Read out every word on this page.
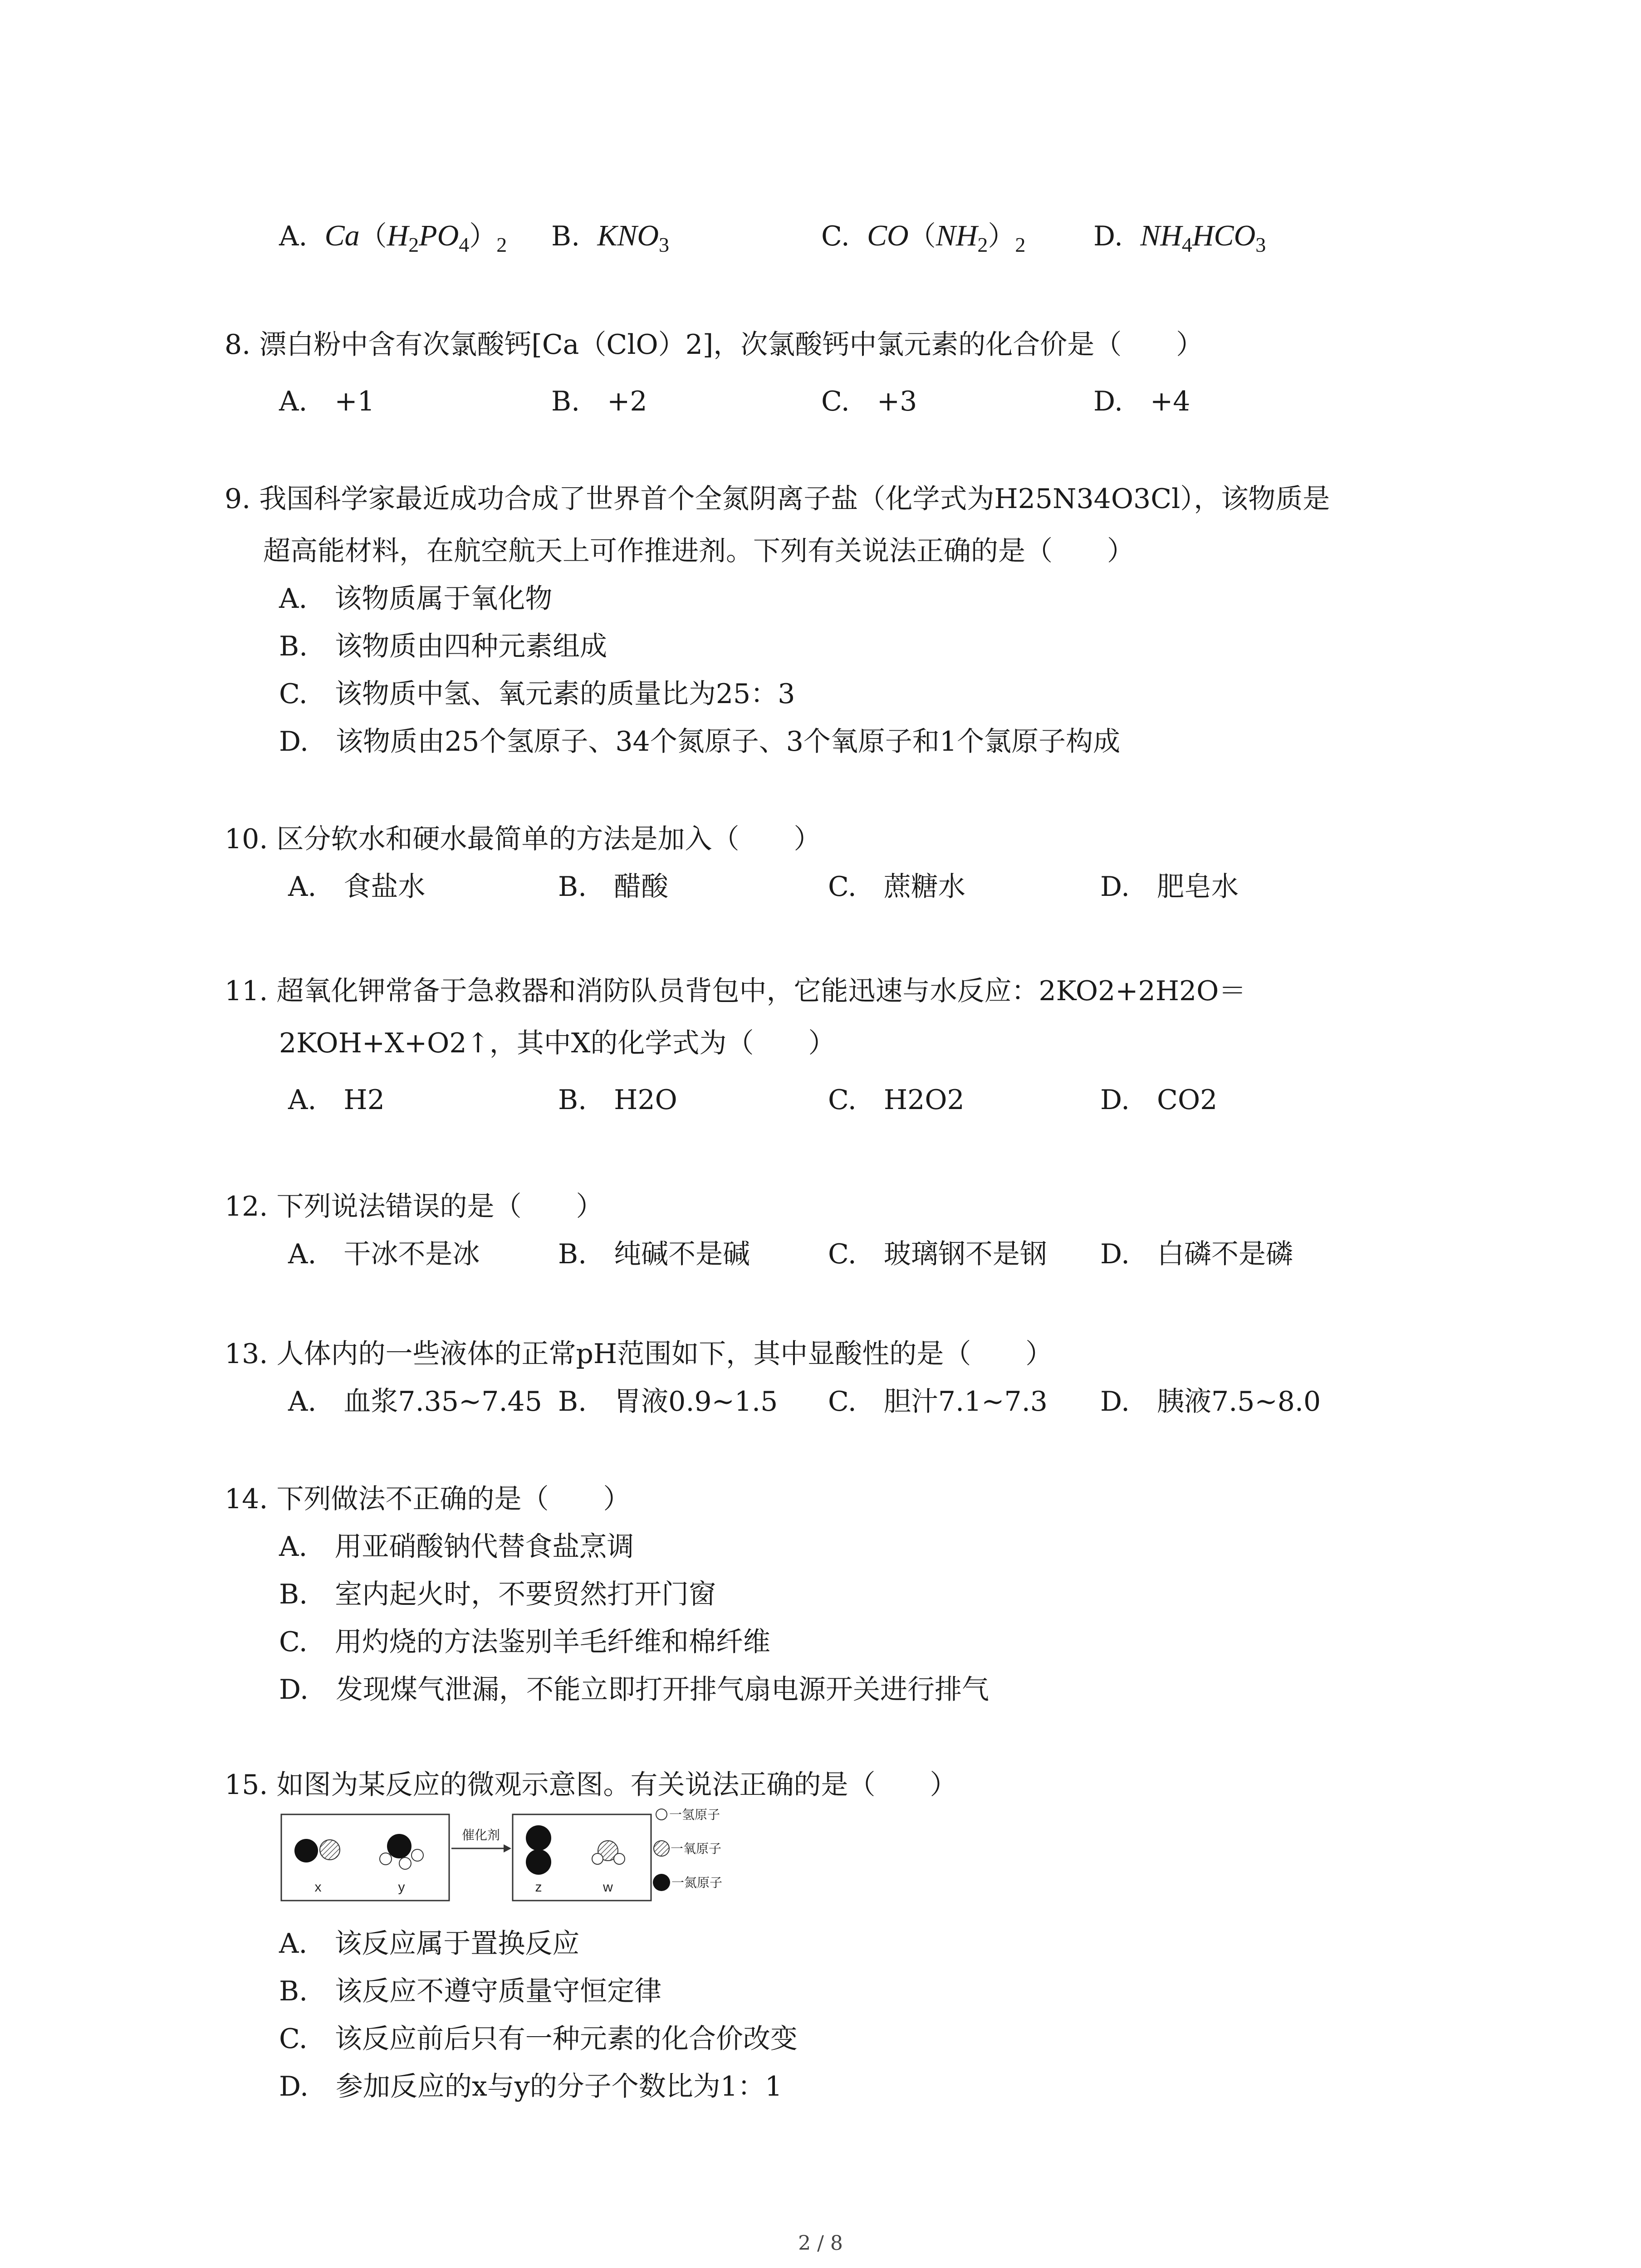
A. $Ca(H_2PO_4)_2$ B. $KNO_3$	C. $CO(NH_2)_2$ D. $NH_4HCO_3$
8. 漂白粉中含有次氯酸钙[Ca（ClO）2]，次氯酸钙中氯元素的化合价是（　　）
A.　+1	B.　+2	C.　+3	D.　+4
9. 我国科学家最近成功合成了世界首个全氮阴离子盐（化学式为H25N34O3Cl），该物质是
超高能材料，在航空航天上可作推进剂。下列有关说法正确的是（　　）
A.　该物质属于氧化物
B.　该物质由四种元素组成
C.　该物质中氢、氧元素的质量比为25：3
D.　该物质由25个氢原子、34个氮原子、3个氧原子和1个氯原子构成
10. 区分软水和硬水最简单的方法是加入（　　）
A.　食盐水	B.　醋酸	C.　蔗糖水	D.　肥皂水
11. 超氧化钾常备于急救器和消防队员背包中，它能迅速与水反应：2KO2+2H2O＝
2KOH+X+O2↑，其中X的化学式为（　　）
A.　H2	B.　H2O	C.　H2O2	D.　CO2
12. 下列说法错误的是（　　）
A.　干冰不是冰	B.　纯碱不是碱	C.　玻璃钢不是钢 D.　白磷不是磷
13. 人体内的一些液体的正常pH范围如下，其中显酸性的是（　　）
A.　血浆7.35~7.45 B.　胃液0.9~1.5 C.　胆汁7.1~7.3 D.　胰液7.5~8.0
14. 下列做法不正确的是（　　）
A.　用亚硝酸钠代替食盐烹调
B.　室内起火时，不要贸然打开门窗
C.　用灼烧的方法鉴别羊毛纤维和棉纤维
D.　发现煤气泄漏，不能立即打开排气扇电源开关进行排气
15. 如图为某反应的微观示意图。有关说法正确的是（　　）
x	y
催化剂
z	w
一氢原子
一氧原子
一氮原子
A.　该反应属于置换反应
B.　该反应不遵守质量守恒定律
C.　该反应前后只有一种元素的化合价改变
D.　参加反应的x与y的分子个数比为1：1
2 / 8
